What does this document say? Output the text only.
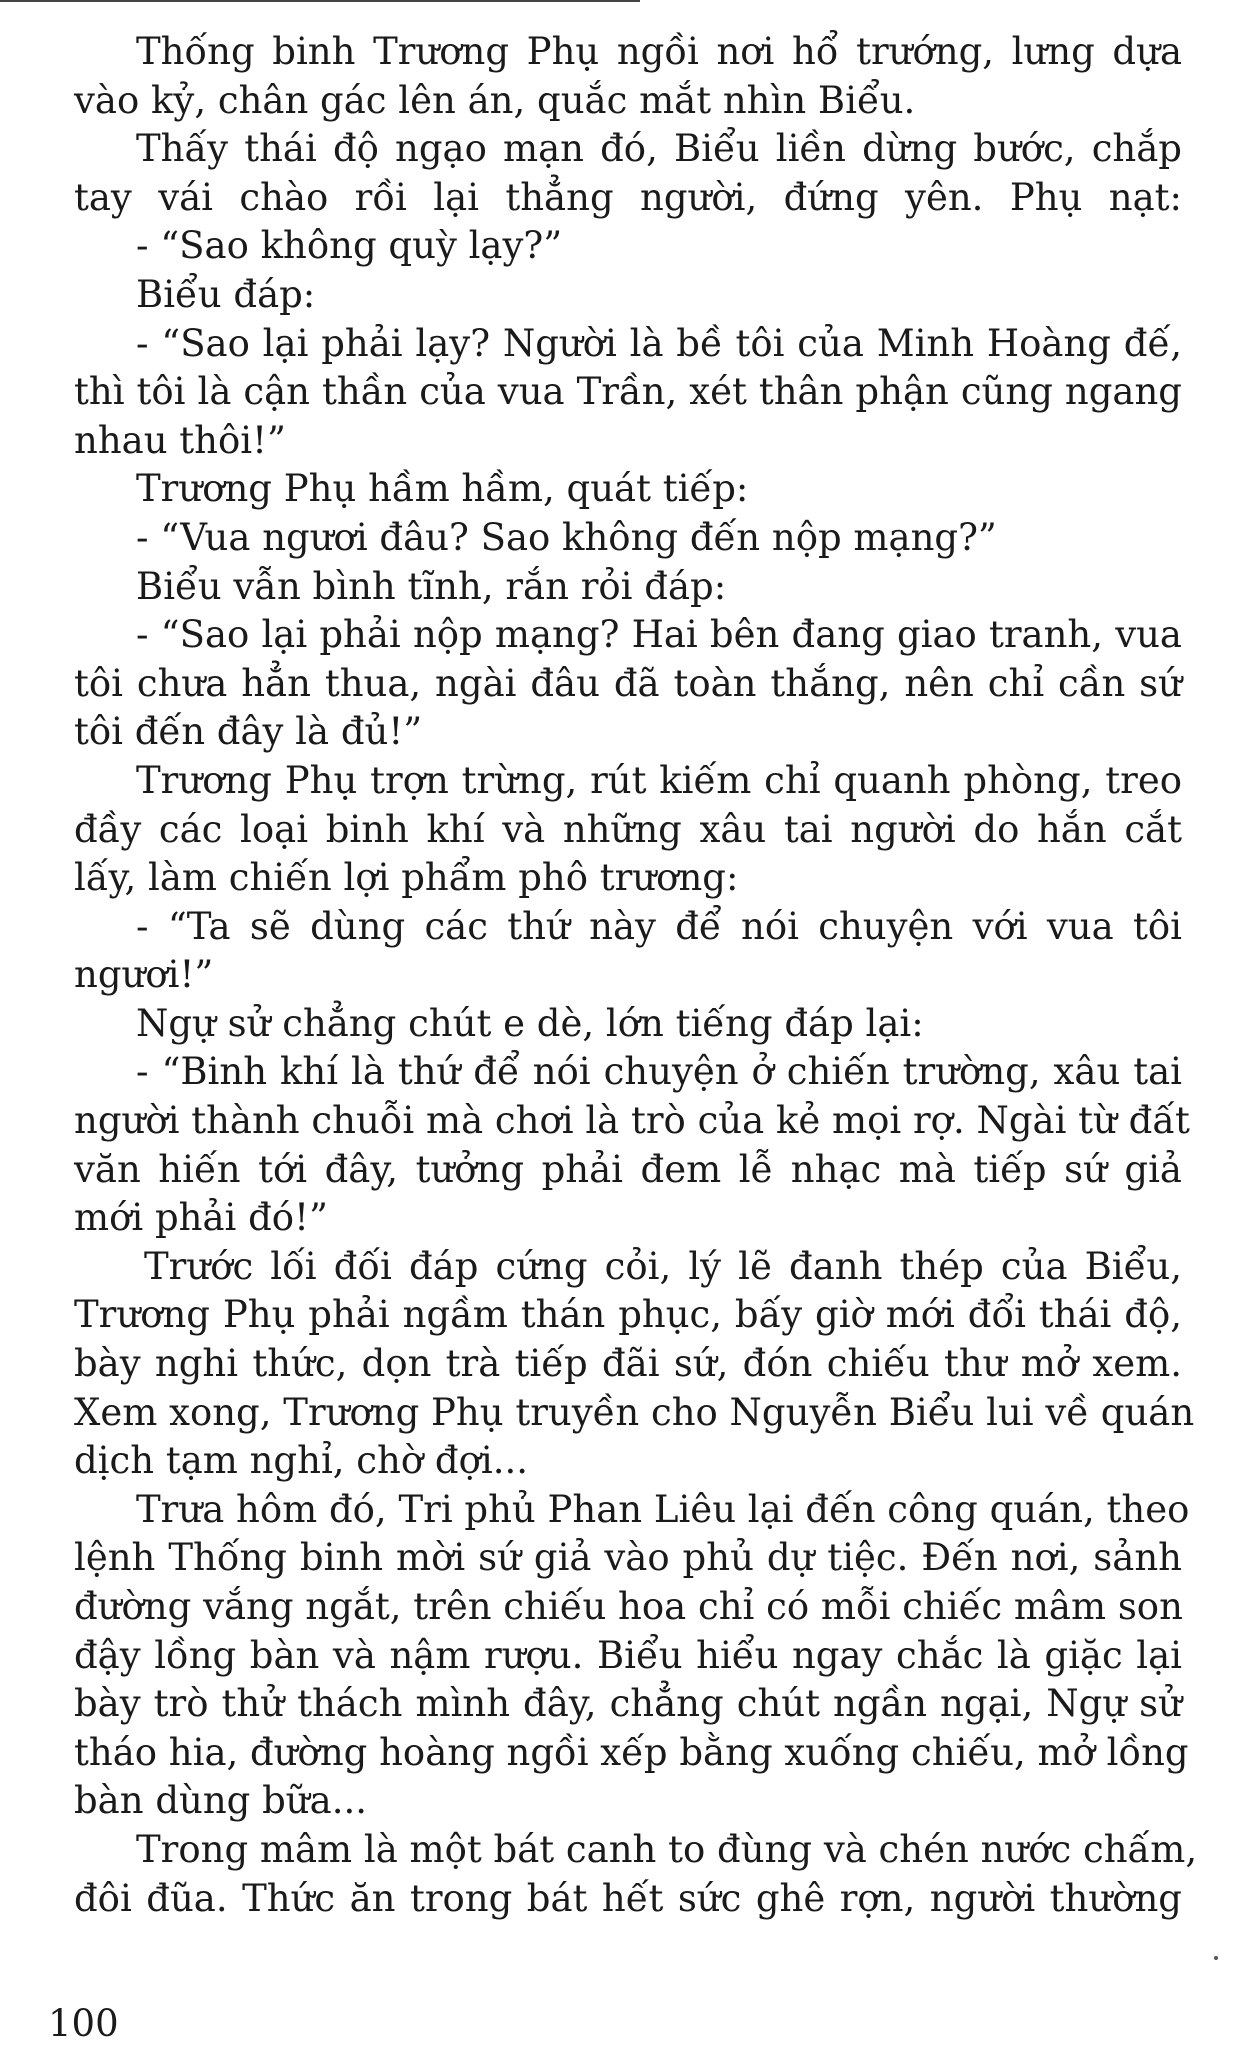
Thống binh Trương Phụ ngồi nơi hổ trướng, lưng dựa
vào kỷ, chân gác lên án, quắc mắt nhìn Biểu.
Thấy thái độ ngạo mạn đó, Biểu liền dừng bước, chắp
tay vái chào rồi lại thẳng người, đứng yên. Phụ nạt:
- “Sao không quỳ lạy?”
Biểu đáp:
- “Sao lại phải lạy? Người là bề tôi của Minh Hoàng đế,
thì tôi là cận thần của vua Trần, xét thân phận cũng ngang
nhau thôi!”
Trương Phụ hầm hầm, quát tiếp:
- “Vua ngươi đâu? Sao không đến nộp mạng?”
Biểu vẫn bình tĩnh, rắn rỏi đáp:
- “Sao lại phải nộp mạng? Hai bên đang giao tranh, vua
tôi chưa hẳn thua, ngài đâu đã toàn thắng, nên chỉ cần sứ
tôi đến đây là đủ!”
Trương Phụ trợn trừng, rút kiếm chỉ quanh phòng, treo
đầy các loại binh khí và những xâu tai người do hắn cắt
lấy, làm chiến lợi phẩm phô trương:
- “Ta sẽ dùng các thứ này để nói chuyện với vua tôi
ngươi!”
Ngự sử chẳng chút e dè, lớn tiếng đáp lại:
- “Binh khí là thứ để nói chuyện ở chiến trường, xâu tai
người thành chuỗi mà chơi là trò của kẻ mọi rợ. Ngài từ đất
văn hiến tới đây, tưởng phải đem lễ nhạc mà tiếp sứ giả
mới phải đó!”
Trước lối đối đáp cứng cỏi, lý lẽ đanh thép của Biểu,
Trương Phụ phải ngầm thán phục, bấy giờ mới đổi thái độ,
bày nghi thức, dọn trà tiếp đãi sứ, đón chiếu thư mở xem.
Xem xong, Trương Phụ truyền cho Nguyễn Biểu lui về quán
dịch tạm nghỉ, chờ đợi...
Trưa hôm đó, Tri phủ Phan Liêu lại đến công quán, theo
lệnh Thống binh mời sứ giả vào phủ dự tiệc. Đến nơi, sảnh
đường vắng ngắt, trên chiếu hoa chỉ có mỗi chiếc mâm son
đậy lồng bàn và nậm rượu. Biểu hiểu ngay chắc là giặc lại
bày trò thử thách mình đây, chẳng chút ngần ngại, Ngự sử
tháo hia, đường hoàng ngồi xếp bằng xuống chiếu, mở lồng
bàn dùng bữa...
Trong mâm là một bát canh to đùng và chén nước chấm,
đôi đũa. Thức ăn trong bát hết sức ghê rợn, người thường
100
